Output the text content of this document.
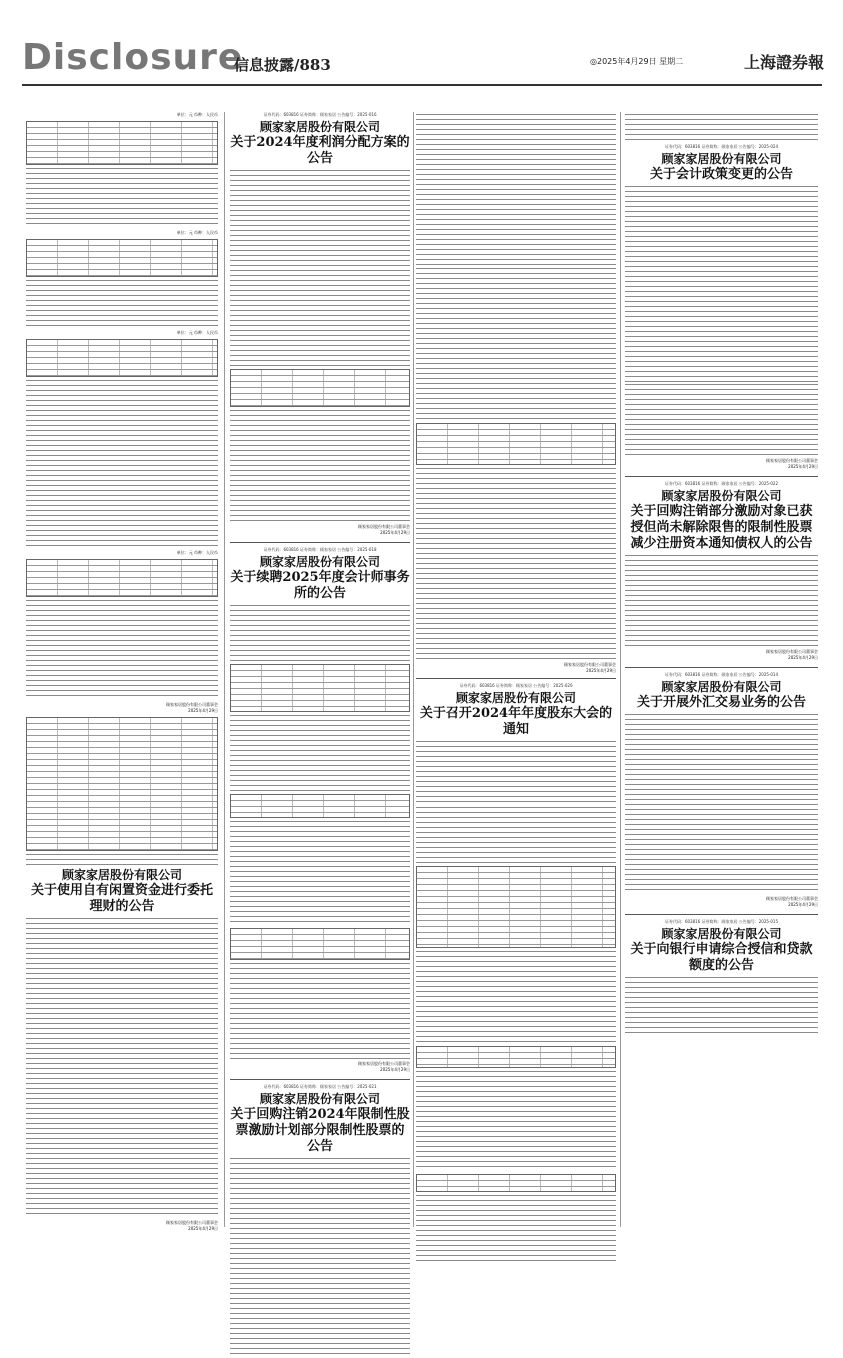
Disclosure
信息披露/883	◎2025年4月29日 星期二	上海證券報
单位：元 币种：人民币
单位：元 币种：人民币
单位：元 币种：人民币
单位：元 币种：人民币
顾家家居股份有限公司董事会
2025年4月29日
顾家家居股份有限公司
关于使用自有闲置资金进行委托理财的公告
顾家家居股份有限公司董事会
2025年4月29日
证券代码：603816 证券简称：顾家家居 公告编号：2025-016
顾家家居股份有限公司
关于2024年度利润分配方案的公告
顾家家居股份有限公司董事会
2025年4月29日
证券代码：603816 证券简称：顾家家居 公告编号：2025-018
顾家家居股份有限公司
关于续聘2025年度会计师事务所的公告
顾家家居股份有限公司董事会
2025年4月29日
证券代码：603816 证券简称：顾家家居 公告编号：2025-021
顾家家居股份有限公司
关于回购注销2024年限制性股票激励计划部分限制性股票的公告
顾家家居股份有限公司董事会
2025年4月29日
证券代码：603816 证券简称：顾家家居 公告编号：2025-020
顾家家居股份有限公司
关于召开2024年年度股东大会的通知
证券代码：603816 证券简称：顾家家居 公告编号：2025-024
顾家家居股份有限公司
关于会计政策变更的公告
顾家家居股份有限公司董事会
2025年4月29日
证券代码：603816 证券简称：顾家家居 公告编号：2025-022
顾家家居股份有限公司
关于回购注销部分激励对象已获授但尚未解除限售的限制性股票减少注册资本通知债权人的公告
顾家家居股份有限公司董事会
2025年4月29日
证券代码：603816 证券简称：顾家家居 公告编号：2025-014
顾家家居股份有限公司
关于开展外汇交易业务的公告
顾家家居股份有限公司董事会
2025年4月29日
证券代码：603816 证券简称：顾家家居 公告编号：2025-015
顾家家居股份有限公司
关于向银行申请综合授信和贷款额度的公告
